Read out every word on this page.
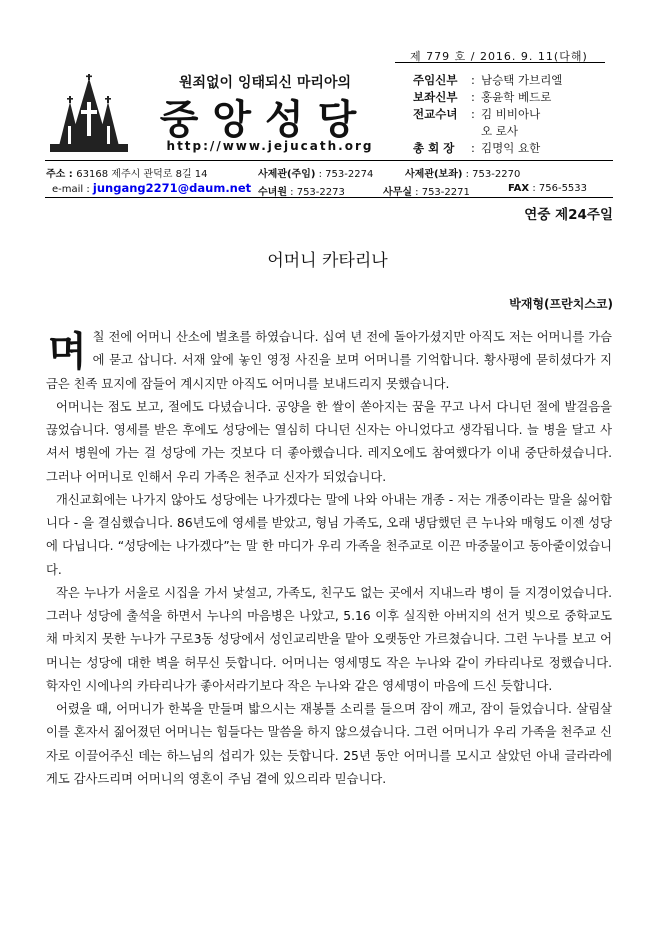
제 779 호 / 2016. 9. 11(다해)
원죄없이 잉태되신 마리아의
중앙성당
http://www.jejucath.org
주임신부	: 남승택 가브리엘
보좌신부	: 홍윤학 베드로
전교수녀	: 김 비비아나
오 로사
총 회 장	: 김명익 요한
주소 : 63168 제주시 관덕로 8길 14	사제관(주임) : 753-2274	사제관(보좌) : 753-2270
e-mail : jungang2271@daum.net 수녀원 : 753-2273	사무실 : 753-2271	FAX : 756-5533
연중 제24주일
어머니 카타리나
박재형(프란치스코)

며칠 전에 어머니 산소에 벌초를 하였습니다. 십여 년 전에 돌아가셨지만 아직도 저는 어머니를 가슴에 묻고 삽니다. 서재 앞에 놓인 영정 사진을 보며 어머니를 기억합니다. 황사평에 묻히셨다가 지금은 친족 묘지에 잠들어 계시지만 아직도 어머니를 보내드리지 못했습니다.

어머니는 점도 보고, 절에도 다녔습니다. 공양을 한 쌀이 쏟아지는 꿈을 꾸고 나서 다니던 절에 발걸음을 끊었습니다. 영세를 받은 후에도 성당에는 열심히 다니던 신자는 아니었다고 생각됩니다. 늘 병을 달고 사셔서 병원에 가는 걸 성당에 가는 것보다 더 좋아했습니다. 레지오에도 참여했다가 이내 중단하셨습니다. 그러나 어머니로 인해서 우리 가족은 천주교 신자가 되었습니다.

개신교회에는 나가지 않아도 성당에는 나가겠다는 말에 나와 아내는 개종 - 저는 개종이라는 말을 싫어합니다 - 을 결심했습니다. 86년도에 영세를 받았고, 형님 가족도, 오래 냉담했던 큰 누나와 매형도 이젠 성당에 다닙니다. “성당에는 나가겠다”는 말 한 마디가 우리 가족을 천주교로 이끈 마중물이고 동아줄이었습니다.

작은 누나가 서울로 시집을 가서 낯설고, 가족도, 친구도 없는 곳에서 지내느라 병이 들 지경이었습니다. 그러나 성당에 출석을 하면서 누나의 마음병은 나았고, 5.16 이후 실직한 아버지의 선거 빚으로 중학교도 채 마치지 못한 누나가 구로3동 성당에서 성인교리반을 맡아 오랫동안 가르쳤습니다. 그런 누나를 보고 어머니는 성당에 대한 벽을 허무신 듯합니다. 어머니는 영세명도 작은 누나와 같이 카타리나로 정했습니다. 학자인 시에나의 카타리나가 좋아서라기보다 작은 누나와 같은 영세명이 마음에 드신 듯합니다.

어렸을 때, 어머니가 한복을 만들며 밟으시는 재봉틀 소리를 들으며 잠이 깨고, 잠이 들었습니다. 살림살이를 혼자서 짊어졌던 어머니는 힘들다는 말씀을 하지 않으셨습니다. 그런 어머니가 우리 가족을 천주교 신자로 이끌어주신 데는 하느님의 섭리가 있는 듯합니다. 25년 동안 어머니를 모시고 살았던 아내 글라라에게도 감사드리며 어머니의 영혼이 주님 곁에 있으리라 믿습니다.
